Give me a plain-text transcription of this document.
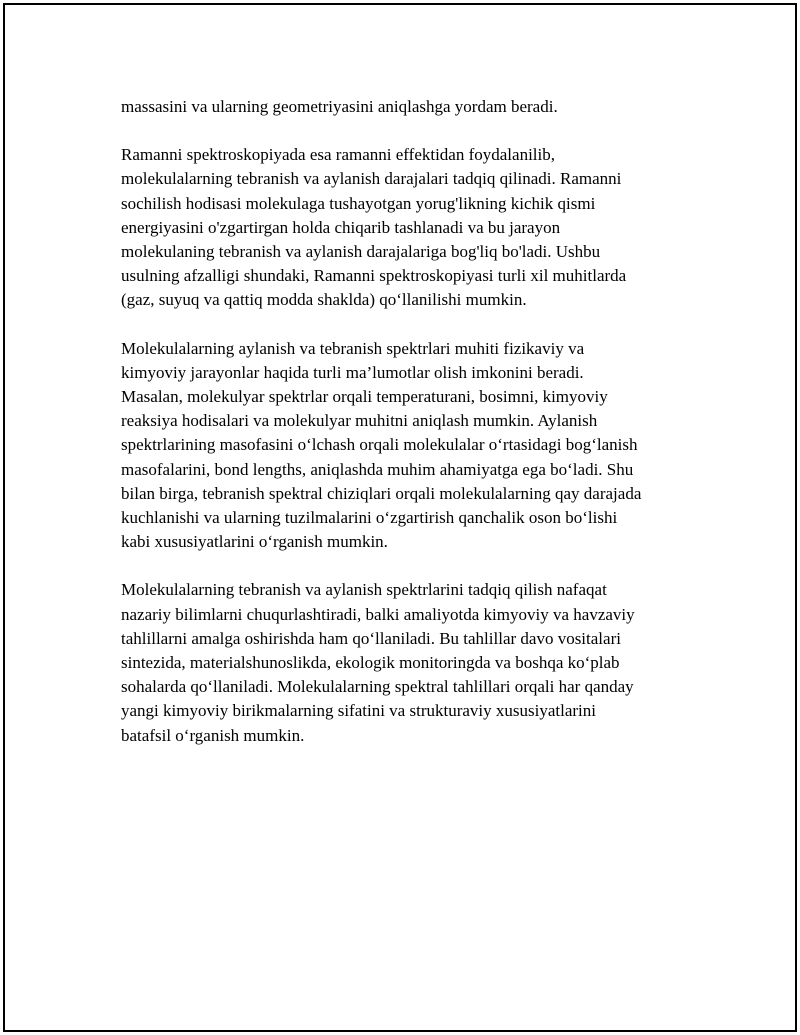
massasini va ularning geometriyasini aniqlashga yordam beradi.

Ramanni spektroskopiyada esa ramanni effektidan foydalanilib,
molekulalarning tebranish va aylanish darajalari tadqiq qilinadi. Ramanni
sochilish hodisasi molekulaga tushayotgan yorug'likning kichik qismi
energiyasini o'zgartirgan holda chiqarib tashlanadi va bu jarayon
molekulaning tebranish va aylanish darajalariga bog'liq bo'ladi. Ushbu
usulning afzalligi shundaki, Ramanni spektroskopiyasi turli xil muhitlarda
(gaz, suyuq va qattiq modda shaklda) qo‘llanilishi mumkin.

Molekulalarning aylanish va tebranish spektrlari muhiti fizikaviy va
kimyoviy jarayonlar haqida turli ma’lumotlar olish imkonini beradi.
Masalan, molekulyar spektrlar orqali temperaturani, bosimni, kimyoviy
reaksiya hodisalari va molekulyar muhitni aniqlash mumkin. Aylanish
spektrlarining masofasini o‘lchash orqali molekulalar o‘rtasidagi bog‘lanish
masofalarini, bond lengths, aniqlashda muhim ahamiyatga ega bo‘ladi. Shu
bilan birga, tebranish spektral chiziqlari orqali molekulalarning qay darajada
kuchlanishi va ularning tuzilmalarini o‘zgartirish qanchalik oson bo‘lishi
kabi xususiyatlarini o‘rganish mumkin.

Molekulalarning tebranish va aylanish spektrlarini tadqiq qilish nafaqat
nazariy bilimlarni chuqurlashtiradi, balki amaliyotda kimyoviy va havzaviy
tahlillarni amalga oshirishda ham qo‘llaniladi. Bu tahlillar davo vositalari
sintezida, materialshunoslikda, ekologik monitoringda va boshqa ko‘plab
sohalarda qo‘llaniladi. Molekulalarning spektral tahlillari orqali har qanday
yangi kimyoviy birikmalarning sifatini va strukturaviy xususiyatlarini
batafsil o‘rganish mumkin.
